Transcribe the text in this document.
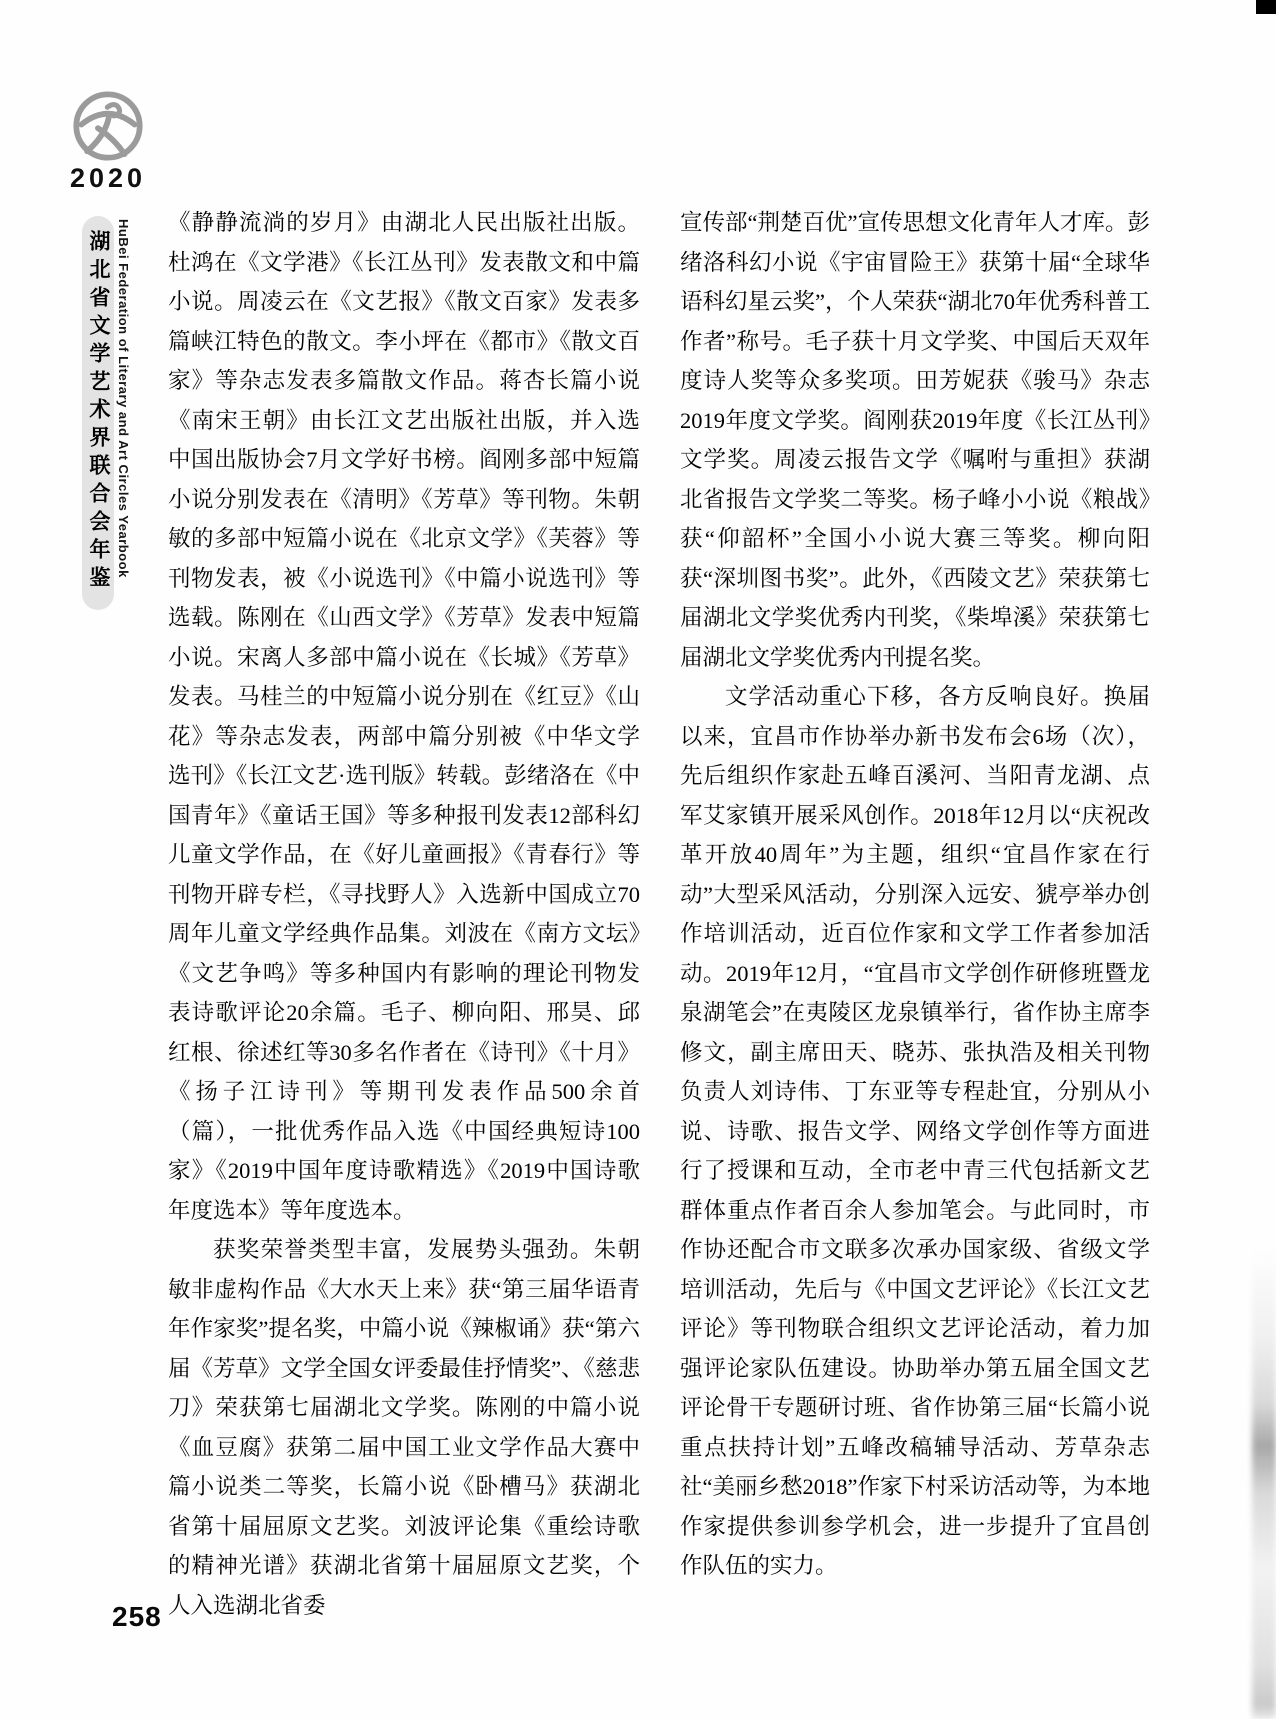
2020
湖北省文学艺术界联合会年鉴 HuBei Federation of Literary and Art Circles Yearbook 《静静流淌的岁月》由湖北人民出版社出版。杜鸿在《文学港》《长江丛刊》发表散文和中篇小说。周凌云在《文艺报》《散文百家》发表多篇峡江特色的散文。李小坪在《都市》《散文百家》等杂志发表多篇散文作品。蒋杏长篇小说《南宋王朝》由长江文艺出版社出版，并入选中国出版协会7月文学好书榜。阎刚多部中短篇小说分别发表在《清明》《芳草》等刊物。朱朝敏的多部中短篇小说在《北京文学》《芙蓉》等刊物发表，被《小说选刊》《中篇小说选刊》等选载。陈刚在《山西文学》《芳草》发表中短篇小说。宋离人多部中篇小说在《长城》《芳草》发表。马桂兰的中短篇小说分别在《红豆》《山花》等杂志发表，两部中篇分别被《中华文学选刊》《长江文艺·选刊版》转载。彭绪洛在《中国青年》《童话王国》等多种报刊发表12部科幻儿童文学作品，在《好儿童画报》《青春行》等刊物开辟专栏，《寻找野人》入选新中国成立70周年儿童文学经典作品集。刘波在《南方文坛》《文艺争鸣》等多种国内有影响的理论刊物发表诗歌评论20余篇。毛子、柳向阳、邢昊、邱红根、徐述红等30多名作者在《诗刊》《十月》《扬子江诗刊》等期刊发表作品500余首（篇），一批优秀作品入选《中国经典短诗100家》《2019中国年度诗歌精选》《2019中国诗歌年度选本》等年度选本。

获奖荣誉类型丰富，发展势头强劲。朱朝敏非虚构作品《大水天上来》获“第三届华语青年作家奖”提名奖，中篇小说《辣椒诵》获“第六届《芳草》文学全国女评委最佳抒情奖”、《慈悲刀》荣获第七届湖北文学奖。陈刚的中篇小说《血豆腐》获第二届中国工业文学作品大赛中篇小说类二等奖，长篇小说《卧槽马》获湖北省第十届屈原文艺奖。刘波评论集《重绘诗歌的精神光谱》获湖北省第十届屈原文艺奖，个人入选湖北省委

宣传部“荆楚百优”宣传思想文化青年人才库。彭绪洛科幻小说《宇宙冒险王》获第十届“全球华语科幻星云奖”，个人荣获“湖北70年优秀科普工作者”称号。毛子获十月文学奖、中国后天双年度诗人奖等众多奖项。田芳妮获《骏马》杂志2019年度文学奖。阎刚获2019年度《长江丛刊》文学奖。周凌云报告文学《嘱咐与重担》获湖北省报告文学奖二等奖。杨子峰小小说《粮战》获“仰韶杯”全国小小说大赛三等奖。柳向阳获“深圳图书奖”。此外，《西陵文艺》荣获第七届湖北文学奖优秀内刊奖，《柴埠溪》荣获第七届湖北文学奖优秀内刊提名奖。

文学活动重心下移，各方反响良好。换届以来，宜昌市作协举办新书发布会6场（次），先后组织作家赴五峰百溪河、当阳青龙湖、点军艾家镇开展采风创作。2018年12月以“庆祝改革开放40周年”为主题，组织“宜昌作家在行动”大型采风活动，分别深入远安、猇亭举办创作培训活动，近百位作家和文学工作者参加活动。2019年12月，“宜昌市文学创作研修班暨龙泉湖笔会”在夷陵区龙泉镇举行，省作协主席李修文，副主席田天、晓苏、张执浩及相关刊物负责人刘诗伟、丁东亚等专程赴宜，分别从小说、诗歌、报告文学、网络文学创作等方面进行了授课和互动，全市老中青三代包括新文艺群体重点作者百余人参加笔会。与此同时，市作协还配合市文联多次承办国家级、省级文学培训活动，先后与《中国文艺评论》《长江文艺评论》等刊物联合组织文艺评论活动，着力加强评论家队伍建设。协助举办第五届全国文艺评论骨干专题研讨班、省作协第三届“长篇小说重点扶持计划”五峰改稿辅导活动、芳草杂志社“美丽乡愁2018”作家下村采访活动等，为本地作家提供参训参学机会，进一步提升了宜昌创作队伍的实力。

258
